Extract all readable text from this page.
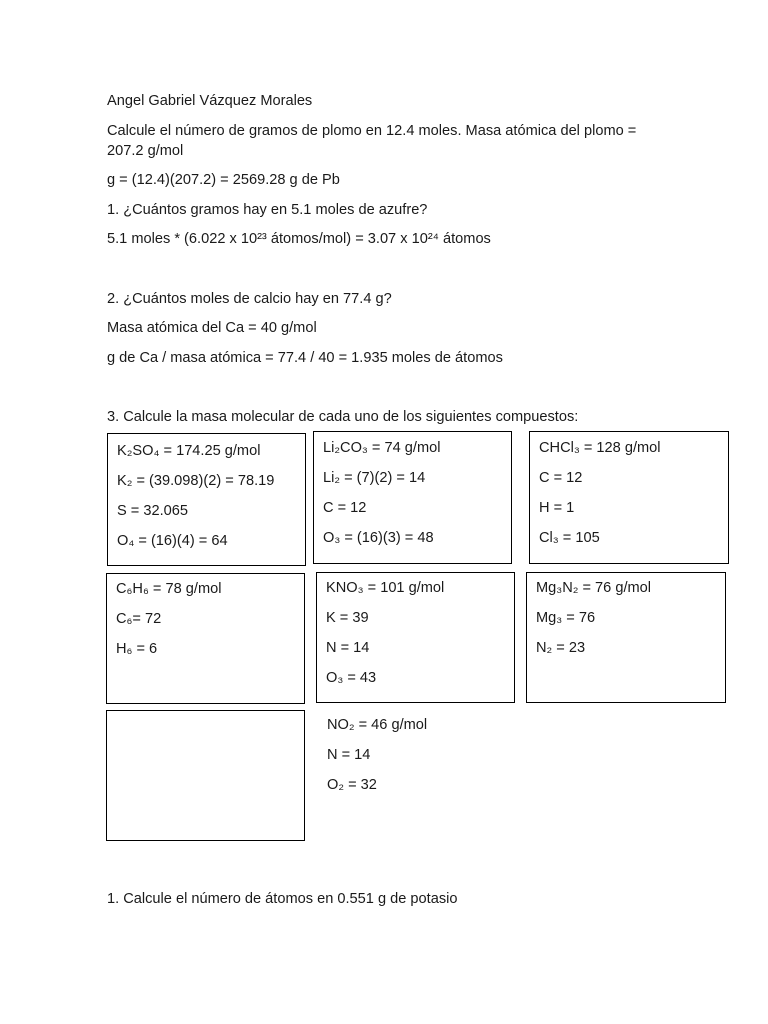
Angel Gabriel Vázquez Morales
Calcule el número de gramos de plomo en 12.4 moles. Masa atómica del plomo = 207.2 g/mol
g = (12.4)(207.2) = 2569.28 g de Pb
1. ¿Cuántos gramos hay en 5.1 moles de azufre?
5.1 moles * (6.022 x 10²³ átomos/mol) = 3.07 x 10²⁴ átomos
2. ¿Cuántos moles de calcio hay en 77.4 g?
Masa atómica del Ca = 40 g/mol
g de Ca / masa atómica = 77.4 / 40 = 1.935 moles de átomos
3. Calcule la masa molecular de cada uno de los siguientes compuestos:
K₂SO₄ = 174.25 g/mol
K₂ = (39.098)(2) = 78.19
S = 32.065
O₄ = (16)(4) = 64
Li₂CO₃ = 74 g/mol
Li₂ = (7)(2) = 14
C = 12
O₃ = (16)(3) = 48
CHCl₃ = 128 g/mol
C = 12
H = 1
Cl₃ = 105
C₆H₆ = 78 g/mol
C₆= 72
H₆ = 6
KNO₃ = 101 g/mol
K = 39
N = 14
O₃ = 43
Mg₃N₂ = 76 g/mol
Mg₃ = 76
N₂ = 23
NO₂ = 46 g/mol
N = 14
O₂ = 32
1. Calcule el número de átomos en 0.551 g de potasio
